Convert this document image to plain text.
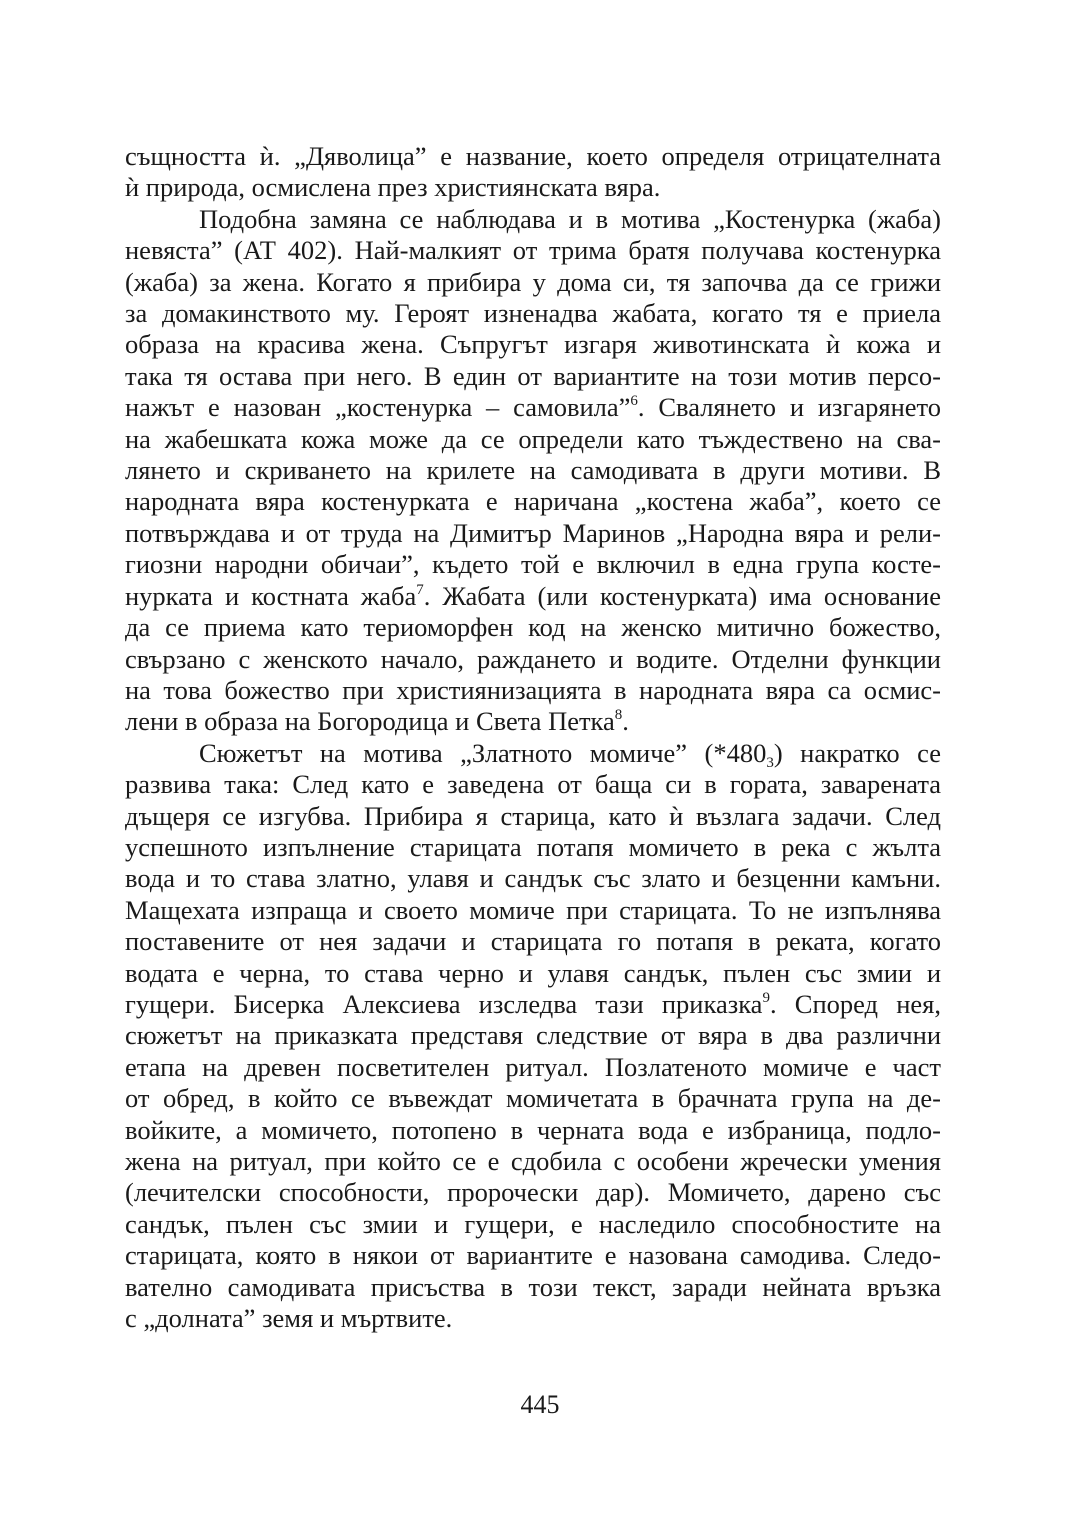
същността ѝ. „Дяволица” е название, което определя отрицателната
ѝ природа, осмислена през християнската вяра.
Подобна замяна се наблюдава и в мотива „Костенурка (жаба)
невяста” (АТ 402). Най-малкият от трима братя получава костенурка
(жаба) за жена. Когато я прибира у дома си, тя започва да се грижи
за домакинството му. Героят изненадва жабата, когато тя е приела
образа на красива жена. Съпругът изгаря животинската ѝ кожа и
така тя остава при него. В един от вариантите на този мотив персо-
нажът е назован „костенурка – самовила”$^6$. Свалянето и изгарянето
на жабешката кожа може да се определи като тъждествено на сва-
лянето и скриването на крилете на самодивата в други мотиви. В
народната вяра костенурката е наричана „костена жаба”, което се
потвърждава и от труда на Димитър Маринов „Народна вяра и рели-
гиозни народни обичаи”, където той е включил в една група косте-
нурката и костната жаба$^7$. Жабата (или костенурката) има основание
да се приема като териоморфен код на женско митично божество,
свързано с женското начало, раждането и водите. Отделни функции
на това божество при християнизацията в народната вяра са осмис-
лени в образа на Богородица и Света Петка$^8$.
Сюжетът на мотива „Златното момиче” $(*480_3)$ накратко се
развива така: След като е заведена от баща си в гората, заварената
дъщеря се изгубва. Прибира я старица, като ѝ възлага задачи. След
успешното изпълнение старицата потапя момичето в река с жълта
вода и то става златно, улавя и сандък със злато и безценни камъни.
Мащехата изпраща и своето момиче при старицата. То не изпълнява
поставените от нея задачи и старицата го потапя в реката, когато
водата е черна, то става черно и улавя сандък, пълен със змии и
гущери. Бисерка Алексиева изследва тази приказка$^9$. Според нея,
сюжетът на приказката представя следствие от вяра в два различни
етапа на древен посветителен ритуал. Позлатеното момиче е част
от обред, в който се въвеждат момичетата в брачната група на де-
войките, а момичето, потопено в черната вода е избраница, подло-
жена на ритуал, при който се е сдобила с особени жречески умения
(лечителски способности, пророчески дар). Момичето, дарено със
сандък, пълен със змии и гущери, е наследило способностите на
старицата, която в някои от вариантите е назована самодива. Следо-
вателно самодивата присъства в този текст, заради нейната връзка
с „долната” земя и мъртвите.
445
